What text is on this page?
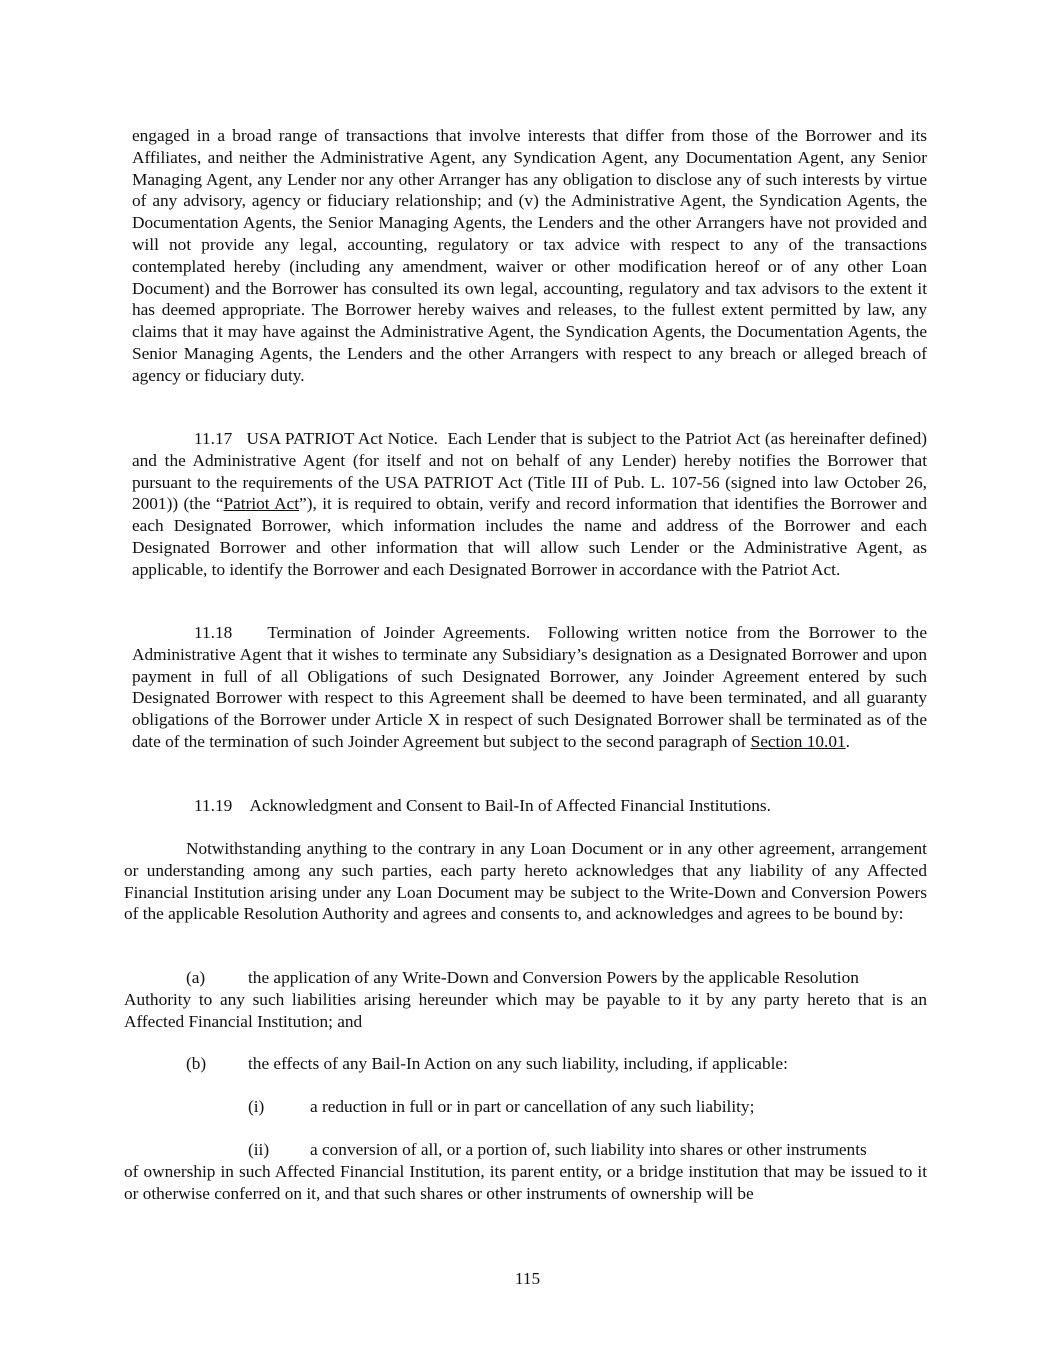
engaged in a broad range of transactions that involve interests that differ from those of the Borrower and its Affiliates, and neither the Administrative Agent, any Syndication Agent, any Documentation Agent, any Senior Managing Agent, any Lender nor any other Arranger has any obligation to disclose any of such interests by virtue of any advisory, agency or fiduciary relationship; and (v) the Administrative Agent, the Syndication Agents, the Documentation Agents, the Senior Managing Agents, the Lenders and the other Arrangers have not provided and will not provide any legal, accounting, regulatory or tax advice with respect to any of the transactions contemplated hereby (including any amendment, waiver or other modification hereof or of any other Loan Document) and the Borrower has consulted its own legal, accounting, regulatory and tax advisors to the extent it has deemed appropriate. The Borrower hereby waives and releases, to the fullest extent permitted by law, any claims that it may have against the Administrative Agent, the Syndication Agents, the Documentation Agents, the Senior Managing Agents, the Lenders and the other Arrangers with respect to any breach or alleged breach of agency or fiduciary duty.

11.17 USA PATRIOT Act Notice. Each Lender that is subject to the Patriot Act (as hereinafter defined) and the Administrative Agent (for itself and not on behalf of any Lender) hereby notifies the Borrower that pursuant to the requirements of the USA PATRIOT Act (Title III of Pub. L. 107-56 (signed into law October 26, 2001)) (the “Patriot Act”), it is required to obtain, verify and record information that identifies the Borrower and each Designated Borrower, which information includes the name and address of the Borrower and each Designated Borrower and other information that will allow such Lender or the Administrative Agent, as applicable, to identify the Borrower and each Designated Borrower in accordance with the Patriot Act.

11.18 Termination of Joinder Agreements. Following written notice from the Borrower to the Administrative Agent that it wishes to terminate any Subsidiary’s designation as a Designated Borrower and upon payment in full of all Obligations of such Designated Borrower, any Joinder Agreement entered by such Designated Borrower with respect to this Agreement shall be deemed to have been terminated, and all guaranty obligations of the Borrower under Article X in respect of such Designated Borrower shall be terminated as of the date of the termination of such Joinder Agreement but subject to the second paragraph of Section 10.01.

11.19 Acknowledgment and Consent to Bail-In of Affected Financial Institutions.

Notwithstanding anything to the contrary in any Loan Document or in any other agreement, arrangement or understanding among any such parties, each party hereto acknowledges that any liability of any Affected Financial Institution arising under any Loan Document may be subject to the Write-Down and Conversion Powers of the applicable Resolution Authority and agrees and consents to, and acknowledges and agrees to be bound by:

(a) the application of any Write-Down and Conversion Powers by the applicable Resolution

Authority to any such liabilities arising hereunder which may be payable to it by any party hereto that is an Affected Financial Institution; and

(b) the effects of any Bail-In Action on any such liability, including, if applicable:
(i)	a reduction in full or in part or cancellation of any such liability;
(ii) a conversion of all, or a portion of, such liability into shares or other instruments

of ownership in such Affected Financial Institution, its parent entity, or a bridge institution that may be issued to it or otherwise conferred on it, and that such shares or other instruments of ownership will be

115
